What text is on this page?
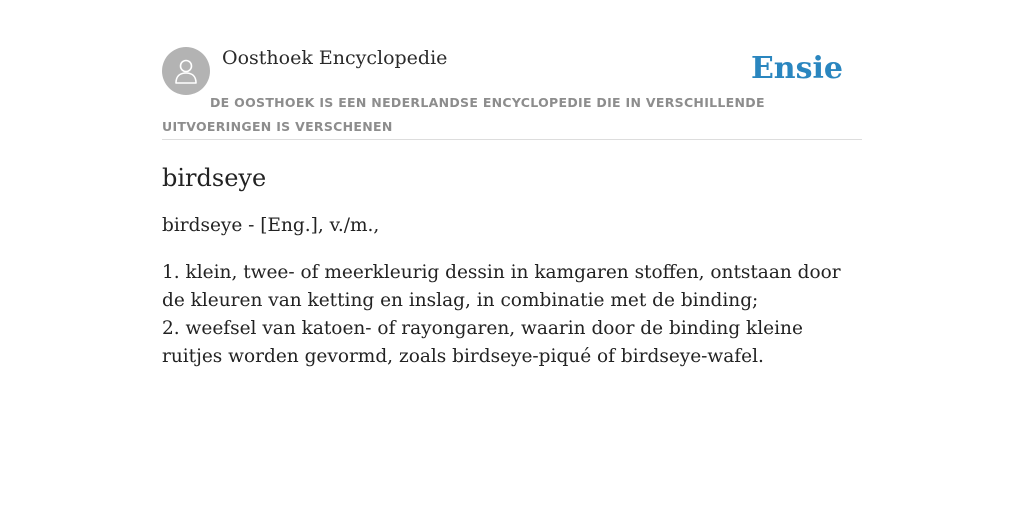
Oosthoek Encyclopedie	Ensie
DE OOSTHOEK IS EEN NEDERLANDSE ENCYCLOPEDIE DIE IN VERSCHILLENDE UITVOERINGEN IS VERSCHENEN
birdseye

birdseye - [Eng.], v./m.,

1. klein, twee- of meerkleurig dessin in kamgaren stoffen, ontstaan door de kleuren van ketting en inslag, in combinatie met de binding;
2. weefsel van katoen- of rayongaren, waarin door de binding kleine ruitjes worden gevormd, zoals birdseye-piqué of birdseye-wafel.
